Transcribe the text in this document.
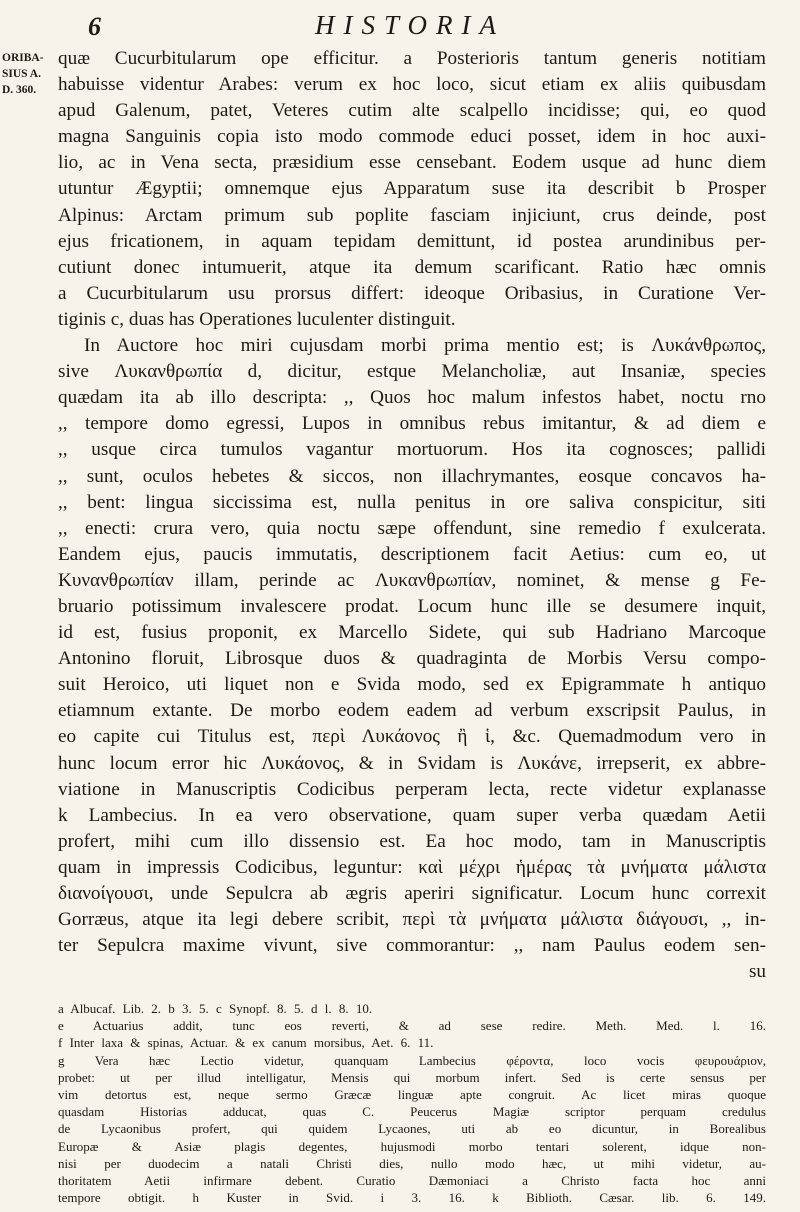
6	HISTORIA
ORIBA-
SIUS A.
D. 360.
quæ Cucurbitularum ope efficitur. a Posterioris tantum generis notitiam
habuisse videntur Arabes: verum ex hoc loco, sicut etiam ex aliis quibusdam
apud Galenum, patet, Veteres cutim alte scalpello incidisse; qui, eo quod
magna Sanguinis copia isto modo commode educi posset, idem in hoc auxi-
lio, ac in Vena secta, præsidium esse censebant. Eodem usque ad hunc diem
utuntur Ægyptii; omnemque ejus Apparatum suse ita describit b Prosper
Alpinus: Arctam primum sub poplite fasciam injiciunt, crus deinde, post
ejus fricationem, in aquam tepidam demittunt, id postea arundinibus per-
cutiunt donec intumuerit, atque ita demum scarificant. Ratio hæc omnis
a Cucurbitularum usu prorsus differt: ideoque Oribasius, in Curatione Ver-
tiginis c, duas has Operationes luculenter distinguit.
In Auctore hoc miri cujusdam morbi prima mentio est; is Λυκάνθρωπος,
sive Λυκανθρωπία d, dicitur, estque Melancholiæ, aut Insaniæ, species
quædam ita ab illo descripta: ,, Quos hoc malum infestos habet, noctu rno
,, tempore domo egressi, Lupos in omnibus rebus imitantur, & ad diem e
,, usque circa tumulos vagantur mortuorum. Hos ita cognosces; pallidi
,, sunt, oculos hebetes & siccos, non illachrymantes, eosque concavos ha-
,, bent: lingua siccissima est, nulla penitus in ore saliva conspicitur, siti
,, enecti: crura vero, quia noctu sæpe offendunt, sine remedio f exulcerata.
Eandem ejus, paucis immutatis, descriptionem facit Aetius: cum eo, ut
Κυνανθρωπίαν illam, perinde ac Λυκανθρωπίαν, nominet, & mense g Fe-
bruario potissimum invalescere prodat. Locum hunc ille se desumere inquit,
id est, fusius proponit, ex Marcello Sidete, qui sub Hadriano Marcoque
Antonino floruit, Librosque duos & quadraginta de Morbis Versu compo-
suit Heroico, uti liquet non e Svida modo, sed ex Epigrammate h antiquo
etiamnum extante. De morbo eodem eadem ad verbum exscripsit Paulus, in
eo capite cui Titulus est, περὶ Λυκάονος ἢ ἱ, &c. Quemadmodum vero in
hunc locum error hic Λυκάονος, & in Svidam is Λυκάνε, irrepserit, ex abbre-
viatione in Manuscriptis Codicibus perperam lecta, recte videtur explanasse
k Lambecius. In ea vero observatione, quam super verba quædam Aetii
profert, mihi cum illo dissensio est. Ea hoc modo, tam in Manuscriptis
quam in impressis Codicibus, leguntur: καὶ μέχρι ἡμέρας τὰ μνήματα μάλιστα
διανοίγουσι, unde Sepulcra ab ægris aperiri significatur. Locum hunc correxit
Gorræus, atque ita legi debere scribit, περὶ τὰ μνήματα μάλιστα διάγουσι, ,, in-
ter Sepulcra maxime vivunt, sive commorantur: ,, nam Paulus eodem sen-
su
a Albucaf. Lib. 2. b 3. 5. c Synopf. 8. 5. d l. 8. 10.
e Actuarius addit, tunc eos reverti, & ad sese redire. Meth. Med. l. 16.
f Inter laxa & spinas, Actuar. & ex canum morsibus, Aet. 6. 11.
g Vera hæc Lectio videtur, quanquam Lambecius φέροντα, loco vocis φευρουάριον,
probet: ut per illud intelligatur, Mensis qui morbum infert. Sed is certe sensus per
vim detortus est, neque sermo Græcæ linguæ apte congruit. Ac licet miras quoque
quasdam Historias adducat, quas C. Peucerus Magiæ scriptor perquam credulus
de Lycaonibus profert, qui quidem Lycaones, uti ab eo dicuntur, in Borealibus
Europæ & Asiæ plagis degentes, hujusmodi morbo tentari solerent, idque non-
nisi per duodecim a natali Christi dies, nullo modo hæc, ut mihi videtur, au-
thoritatem Aetii infirmare debent. Curatio Dæmoniaci a Christo facta hoc anni
tempore obtigit. h Kuster in Svid. i 3. 16. k Biblioth. Cæsar. lib. 6. 149.
